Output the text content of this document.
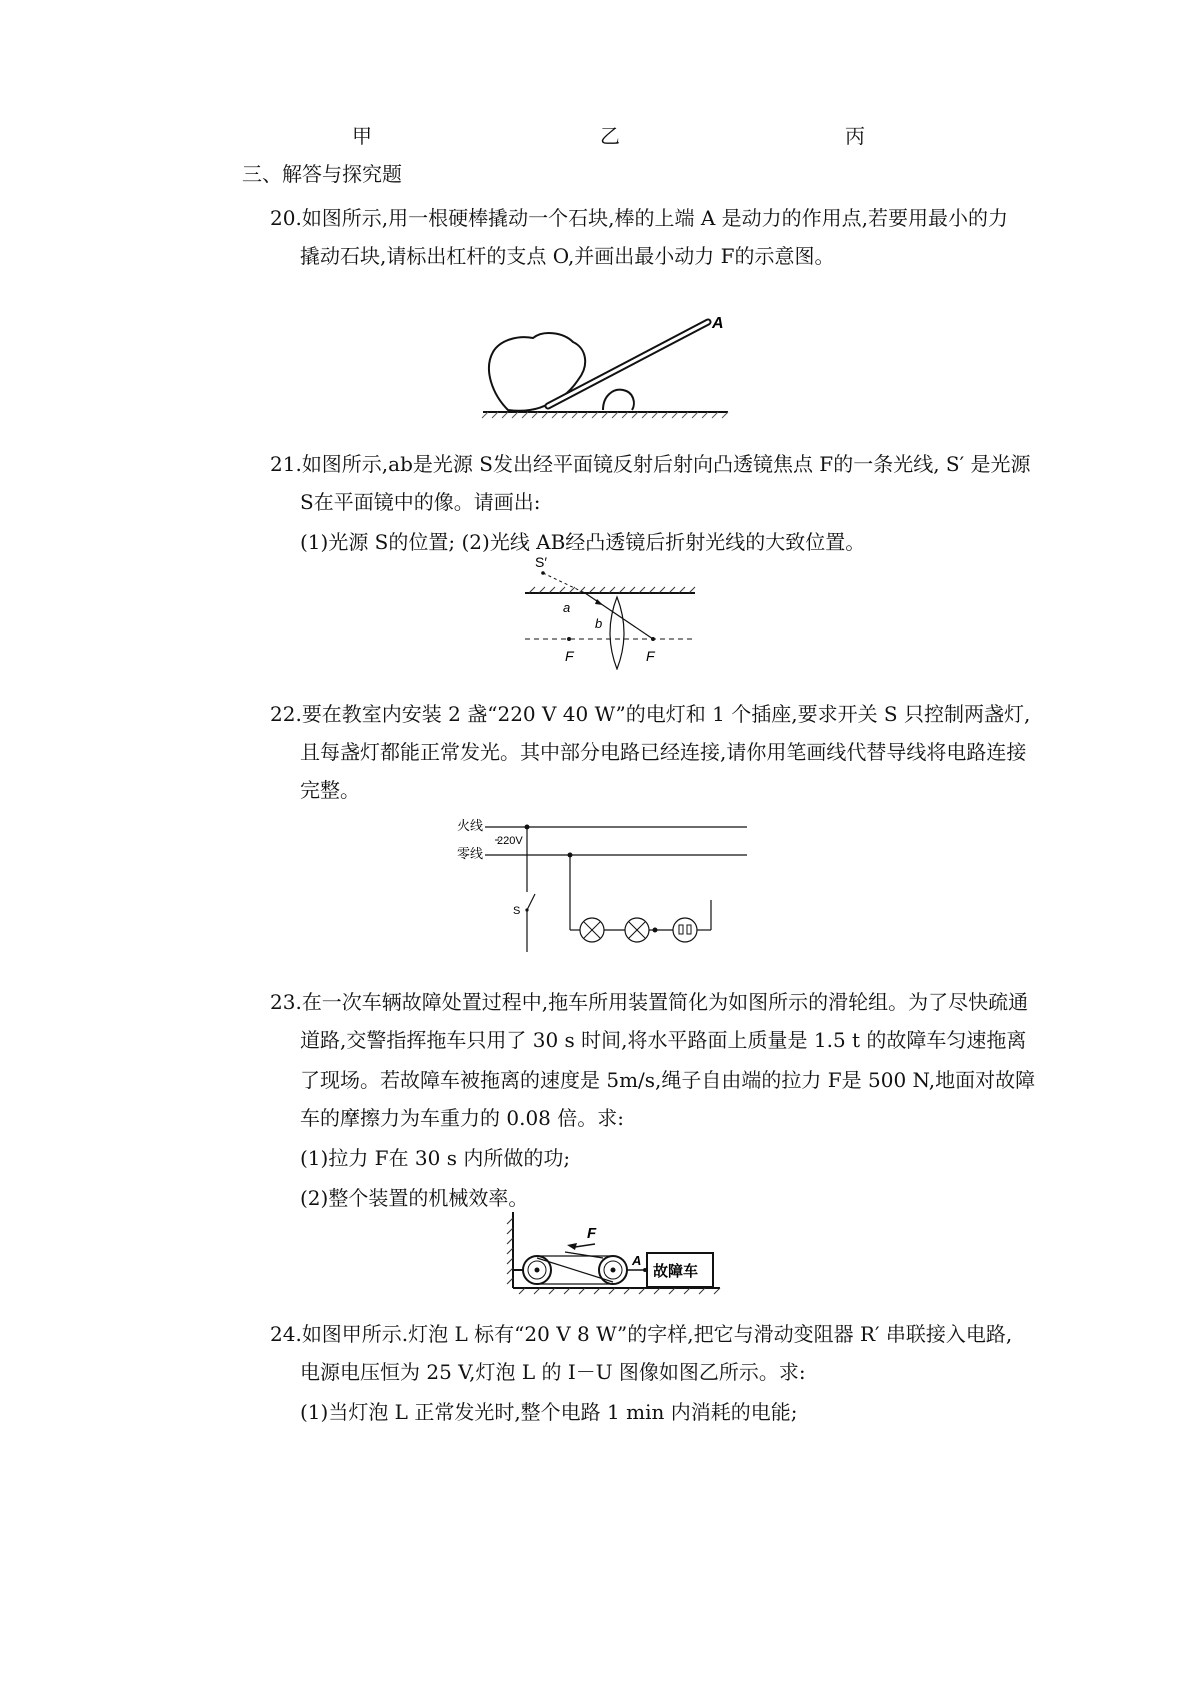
甲	乙	丙
三、解答与探究题
20.如图所示,用一根硬棒撬动一个石块,棒的上端 A 是动力的作用点,若要用最小的力
撬动石块,请标出杠杆的支点 O,并画出最小动力 F的示意图。
A
21.如图所示,ab是光源 S发出经平面镜反射后射向凸透镜焦点 F的一条光线, S′ 是光源
S在平面镜中的像。请画出:
(1)光源 S的位置; (2)光线 AB经凸透镜后折射光线的大致位置。
S′
a
b
F	F
22.要在教室内安装 2 盏“220 V 40 W”的电灯和 1 个插座,要求开关 S 只控制两盏灯,
且每盏灯都能正常发光。其中部分电路已经连接,请你用笔画线代替导线将电路连接
完整。
火线
零线
220V
S
23.在一次车辆故障处置过程中,拖车所用装置简化为如图所示的滑轮组。为了尽快疏通
道路,交警指挥拖车只用了 30 s 时间,将水平路面上质量是 1.5 t 的故障车匀速拖离
了现场。若故障车被拖离的速度是 5m/s,绳子自由端的拉力 F是 500 N,地面对故障
车的摩擦力为车重力的 0.08 倍。求:
(1)拉力 F在 30 s 内所做的功;
(2)整个装置的机械效率。
F
A
故障车
24.如图甲所示.灯泡 L 标有“20 V 8 W”的字样,把它与滑动变阻器 R′ 串联接入电路,
电源电压恒为 25 V,灯泡 L 的 I－U 图像如图乙所示。求:
(1)当灯泡 L 正常发光时,整个电路 1 min 内消耗的电能;
